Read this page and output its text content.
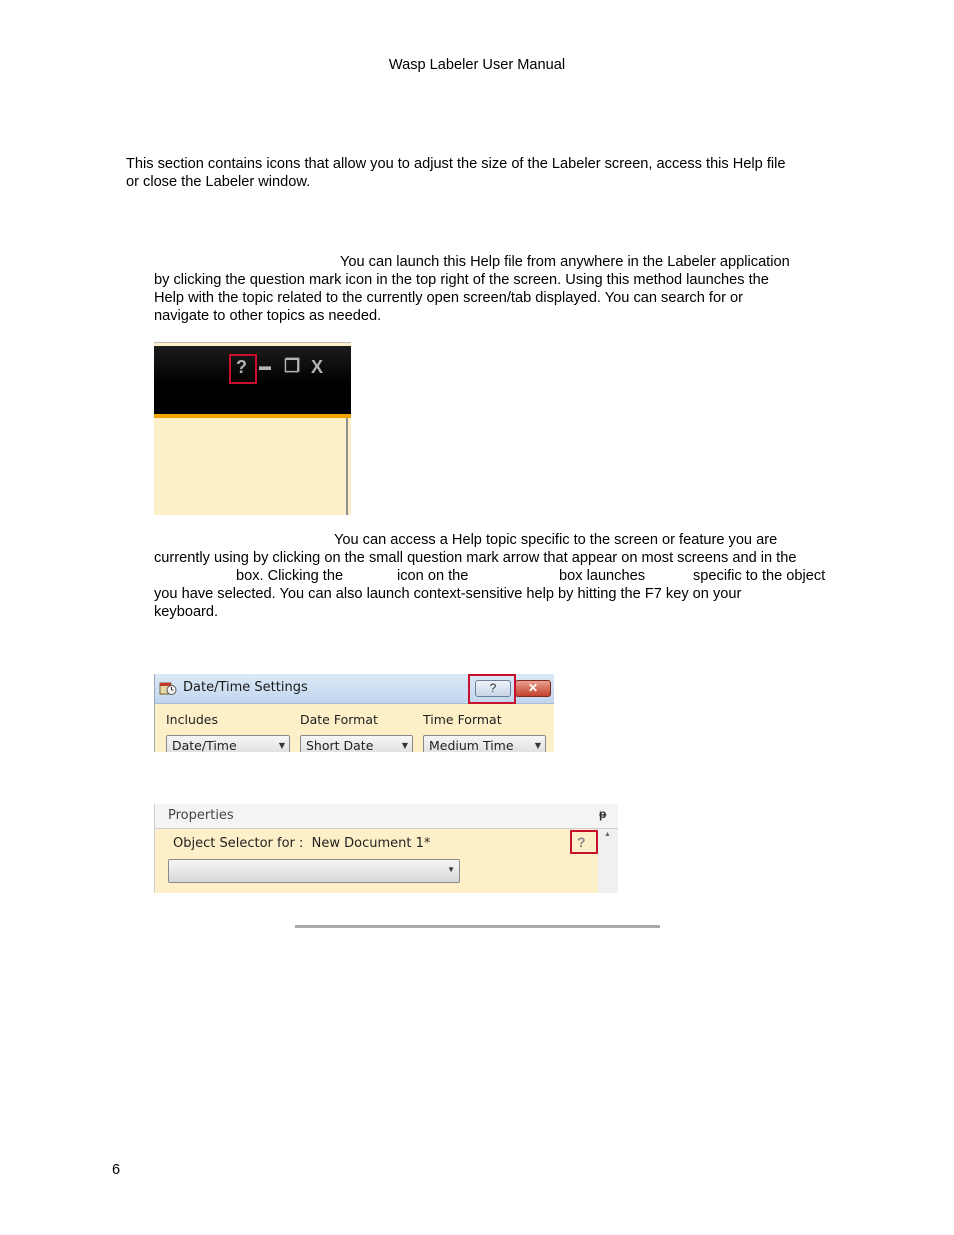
Wasp Labeler User Manual
This section contains icons that allow you to adjust the size of the Labeler screen, access this Help file
or close the Labeler window.
You can launch this Help file from anywhere in the Labeler application
by clicking the question mark icon in the top right of the screen. Using this method launches the
Help with the topic related to the currently open screen/tab displayed. You can search for or
navigate to other topics as needed.
? ▬ ❐ X
You can access a Help topic specific to the screen or feature you are
currently using by clicking on the small question mark arrow that appear on most screens and in the
box. Clicking the	icon on the	box launches	specific to the object
you have selected. You can also launch context-sensitive help by hitting the F7 key on your
keyboard.
Date/Time Settings	?	✕
Includes	Date Format	Time Format
Date/Time	▼	Short Date	▼	Medium Time	▼
Properties	ᵽ
▲
Object Selector for : New Document 1*	?
▼
6
